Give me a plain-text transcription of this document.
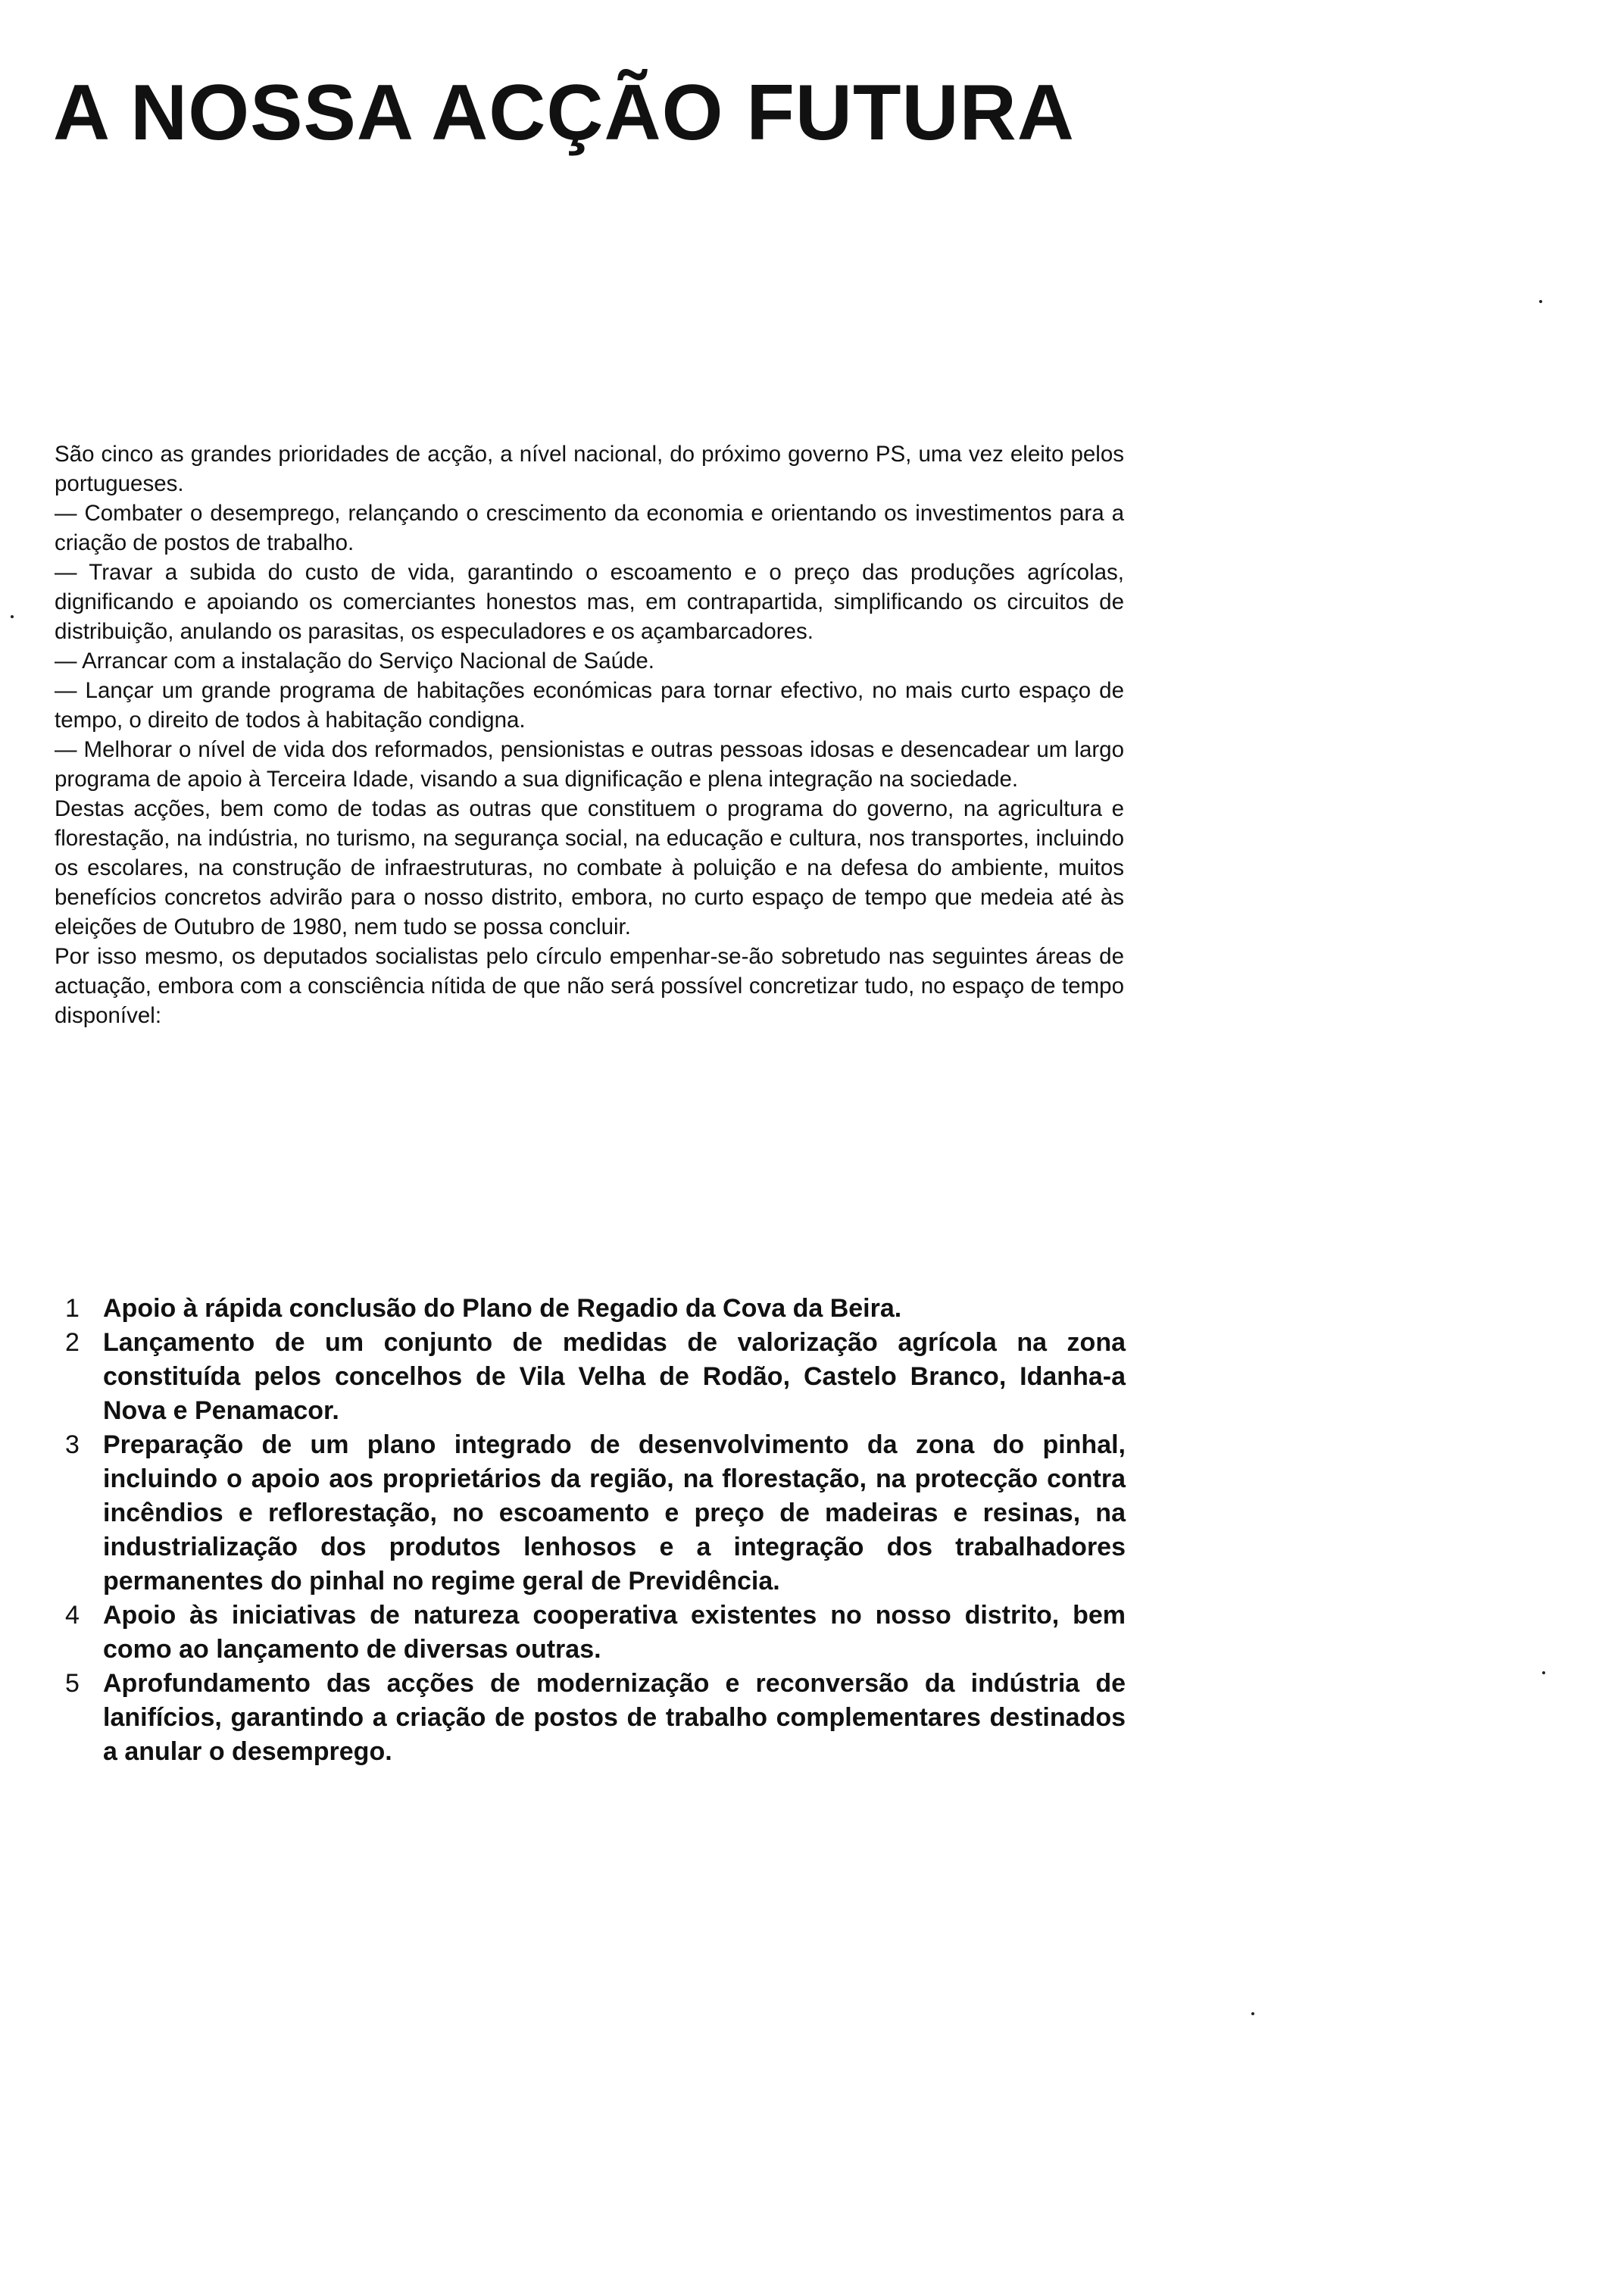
A NOSSA ACÇÃO FUTURA

São cinco as grandes prioridades de acção, a nível nacional, do próximo governo PS, uma vez eleito pelos portugueses.

— Combater o desemprego, relançando o crescimento da economia e orientando os investimentos para a criação de postos de trabalho.

— Travar a subida do custo de vida, garantindo o escoamento e o preço das produções agrícolas, dignificando e apoiando os comerciantes honestos mas, em contrapartida, simplificando os circuitos de distribuição, anulando os parasitas, os especuladores e os açambarcadores.

— Arrancar com a instalação do Serviço Nacional de Saúde.

— Lançar um grande programa de habitações económicas para tornar efectivo, no mais curto espaço de tempo, o direito de todos à habitação condigna.

— Melhorar o nível de vida dos reformados, pensionistas e outras pessoas idosas e desencadear um largo programa de apoio à Terceira Idade, visando a sua dignificação e plena integração na sociedade.

Destas acções, bem como de todas as outras que constituem o programa do governo, na agricultura e florestação, na indústria, no turismo, na segurança social, na educação e cultura, nos transportes, incluindo os escolares, na construção de infraestruturas, no combate à poluição e na defesa do ambiente, muitos benefícios concretos advirão para o nosso distrito, embora, no curto espaço de tempo que medeia até às eleições de Outubro de 1980, nem tudo se possa concluir.

Por isso mesmo, os deputados socialistas pelo círculo empenhar-se-ão sobretudo nas seguintes áreas de actuação, embora com a consciência nítida de que não será possível concretizar tudo, no espaço de tempo disponível:

1 Apoio à rápida conclusão do Plano de Regadio da Cova da Beira.
2 Lançamento de um conjunto de medidas de valorização agrícola na zona constituída pelos concelhos de Vila Velha de Rodão, Castelo Branco, Idanha-a Nova e Penamacor.
3 Preparação de um plano integrado de desenvolvimento da zona do pinhal, incluindo o apoio aos proprietários da região, na florestação, na protecção contra incêndios e reflorestação, no escoamento e preço de madeiras e resinas, na industrialização dos produtos lenhosos e a integração dos trabalhadores permanentes do pinhal no regime geral de Previdência.
4 Apoio às iniciativas de natureza cooperativa existentes no nosso distrito, bem como ao lançamento de diversas outras.
5 Aprofundamento das acções de modernização e reconversão da indústria de lanifícios, garantindo a criação de postos de trabalho complementares destinados a anular o desemprego.
